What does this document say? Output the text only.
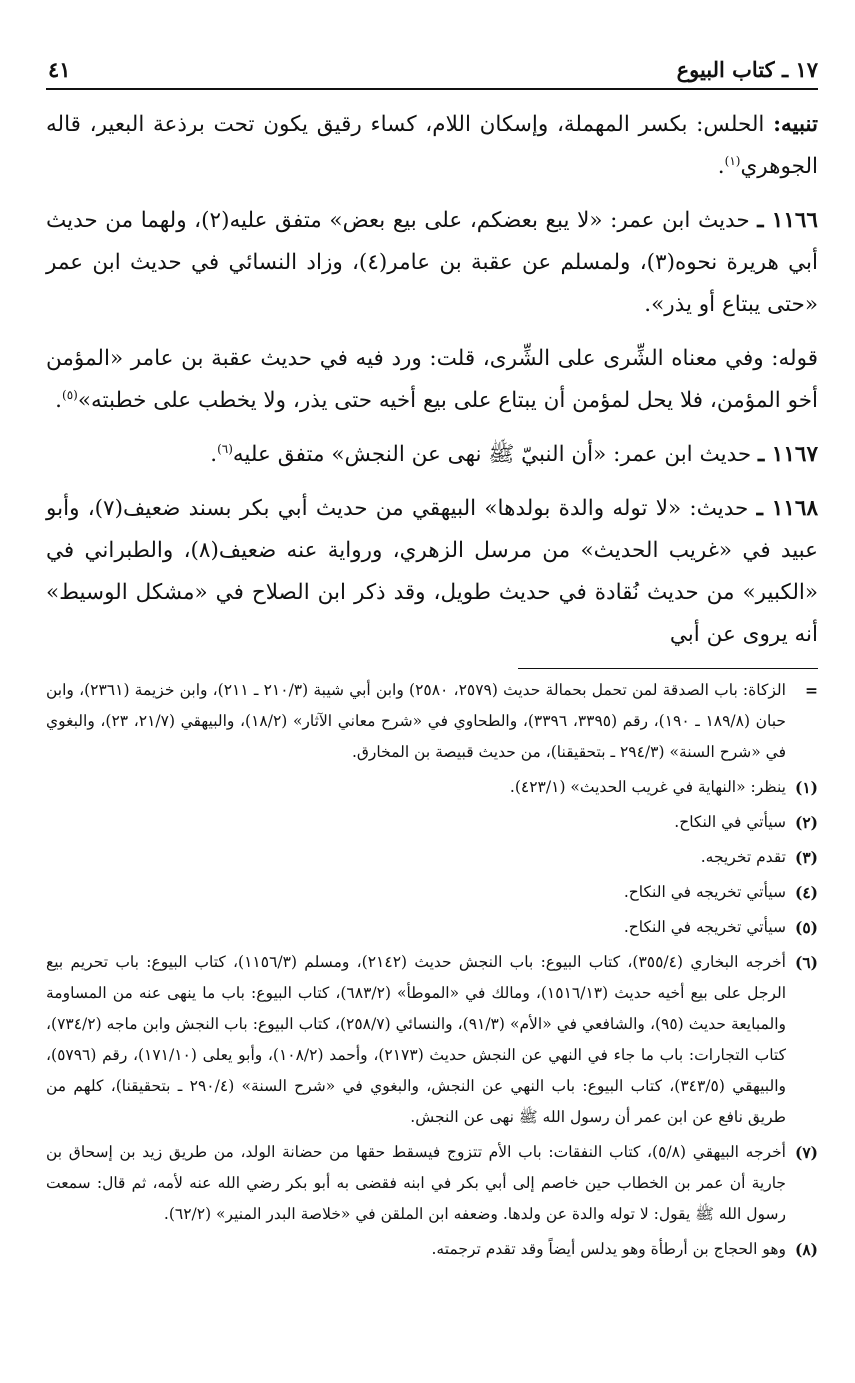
١٧ ـ كتاب البيوع
٤١

تنبيه: الحلس: بكسر المهملة، وإسكان اللام، كساء رقيق يكون تحت برذعة البعير، قاله الجوهري$^{(١)}$.

١١٦٦ ـ حديث ابن عمر: «لا يبع بعضكم، على بيع بعض» متفق عليه(٢)، ولهما من حديث أبي هريرة نحوه(٣)، ولمسلم عن عقبة بن عامر(٤)، وزاد النسائي في حديث ابن عمر «حتى يبتاع أو يذر».

قوله: وفي معناه الشِّرى على الشِّرى، قلت: ورد فيه في حديث عقبة بن عامر «المؤمن أخو المؤمن، فلا يحل لمؤمن أن يبتاع على بيع أخيه حتى يذر، ولا يخطب على خطبته»$^{(٥)}$.

١١٦٧ ـ حديث ابن عمر: «أن النبيّ ﷺ نهى عن النجش» متفق عليه$^{(٦)}$.

١١٦٨ ـ حديث: «لا توله والدة بولدها» البيهقي من حديث أبي بكر بسند ضعيف(٧)، وأبو عبيد في «غريب الحديث» من مرسل الزهري، ورواية عنه ضعيف(٨)، والطبراني في «الكبير» من حديث نُقادة في حديث طويل، وقد ذكر ابن الصلاح في «مشكل الوسيط» أنه يروى عن أبي

=
الزكاة: باب الصدقة لمن تحمل بحمالة حديث (٢٥٧٩، ٢٥٨٠) وابن أبي شيبة (٢١٠/٣ ـ ٢١١)، وابن خزيمة (٢٣٦١)، وابن حبان (١٨٩/٨ ـ ١٩٠)، رقم (٣٣٩٥، ٣٣٩٦)، والطحاوي في «شرح معاني الآثار» (١٨/٢)، والبيهقي (٢١/٧، ٢٣)، والبغوي في «شرح السنة» (٢٩٤/٣ ـ بتحقيقنا)، من حديث قبيصة بن المخارق.
(١)
ينظر: «النهاية في غريب الحديث» (٤٢٣/١).
(٢)
سيأتي في النكاح.
(٣)
تقدم تخريجه.
(٤)
سيأتي تخريجه في النكاح.
(٥)
سيأتي تخريجه في النكاح.
(٦)
أخرجه البخاري (٣٥٥/٤)، كتاب البيوع: باب النجش حديث (٢١٤٢)، ومسلم (١١٥٦/٣)، كتاب البيوع: باب تحريم بيع الرجل على بيع أخيه حديث (١٥١٦/١٣)، ومالك في «الموطأ» (٦٨٣/٢)، كتاب البيوع: باب ما ينهى عنه من المساومة والمبايعة حديث (٩٥)، والشافعي في «الأم» (٩١/٣)، والنسائي (٢٥٨/٧)، كتاب البيوع: باب النجش وابن ماجه (٧٣٤/٢)، كتاب التجارات: باب ما جاء في النهي عن النجش حديث (٢١٧٣)، وأحمد (١٠٨/٢)، وأبو يعلى (١٧١/١٠)، رقم (٥٧٩٦)، والبيهقي (٣٤٣/٥)، كتاب البيوع: باب النهي عن النجش، والبغوي في «شرح السنة» (٢٩٠/٤ ـ بتحقيقنا)، كلهم من طريق نافع عن ابن عمر أن رسول الله ﷺ نهى عن النجش.
(٧)
أخرجه البيهقي (٥/٨)، كتاب النفقات: باب الأم تتزوج فيسقط حقها من حضانة الولد، من طريق زيد بن إسحاق بن جارية أن عمر بن الخطاب حين خاصم إلى أبي بكر في ابنه فقضى به أبو بكر رضي الله عنه لأمه، ثم قال: سمعت رسول الله ﷺ يقول: لا توله والدة عن ولدها. وضعفه ابن الملقن في «خلاصة البدر المنير» (٦٢/٢).
(٨)
وهو الحجاج بن أرطأة وهو يدلس أيضاً وقد تقدم ترجمته.
